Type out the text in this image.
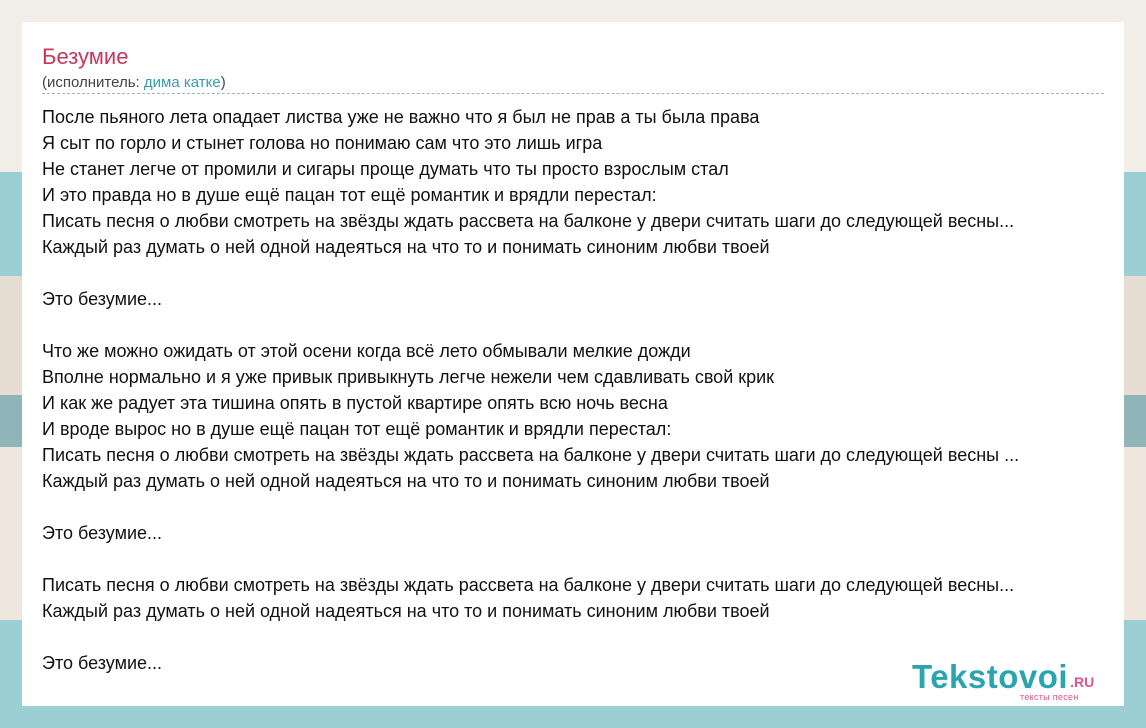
Безумие
(исполнитель: дима катке)
После пьяного лета опадает листва уже не важно что я был не прав а ты была права
Я сыт по горло и стынет голова но понимаю сам что это лишь игра
Не станет легче от промили и сигары проще думать что ты просто взрослым стал
И это правда но в душе ещё пацан тот ещё романтик и врядли перестал:
Писать песня о любви смотреть на звёзды ждать рассвета на балконе у двери считать шаги до следующей весны...
Каждый раз думать о ней одной надеяться на что то и понимать синоним любви твоей
Это безумие...
Что же можно ожидать от этой осени когда всё лето обмывали мелкие дожди
Вполне нормально и я уже привык привыкнуть легче нежели чем сдавливать свой крик
И как же радует эта тишина опять в пустой квартире опять всю ночь весна
И вроде вырос но в душе ещё пацан тот ещё романтик и врядли перестал:
Писать песня о любви смотреть на звёзды ждать рассвета на балконе у двери считать шаги до следующей весны ...
Каждый раз думать о ней одной надеяться на что то и понимать синоним любви твоей
Это безумие...
Писать песня о любви смотреть на звёзды ждать рассвета на балконе у двери считать шаги до следующей весны...
Каждый раз думать о ней одной надеяться на что то и понимать синоним любви твоей
Это безумие...	Tekstovoi .RU
тексты песен
